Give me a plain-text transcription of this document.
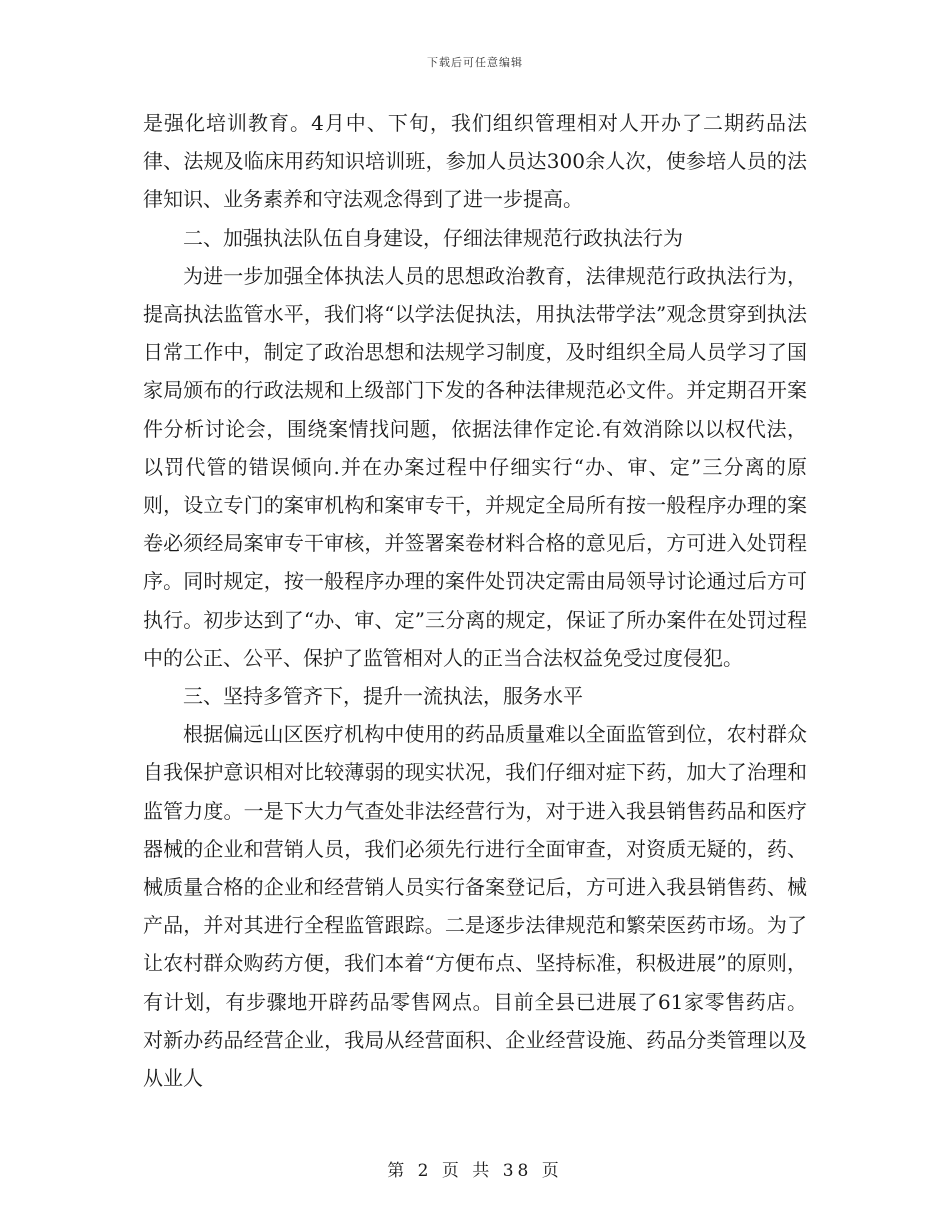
下载后可任意编辑

是强化培训教育。4月中、下旬，我们组织管理相对人开办了二期药品法律、法规及临床用药知识培训班，参加人员达300余人次，使参培人员的法律知识、业务素养和守法观念得到了进一步提高。

二、加强执法队伍自身建设，仔细法律规范行政执法行为

为进一步加强全体执法人员的思想政治教育，法律规范行政执法行为，提高执法监管水平，我们将“以学法促执法，用执法带学法”观念贯穿到执法日常工作中，制定了政治思想和法规学习制度，及时组织全局人员学习了国家局颁布的行政法规和上级部门下发的各种法律规范必文件。并定期召开案件分析讨论会，围绕案情找问题，依据法律作定论.有效消除以以权代法，以罚代管的错误倾向.并在办案过程中仔细实行“办、审、定”三分离的原则，设立专门的案审机构和案审专干，并规定全局所有按一般程序办理的案卷必须经局案审专干审核，并签署案卷材料合格的意见后，方可进入处罚程序。同时规定，按一般程序办理的案件处罚决定需由局领导讨论通过后方可执行。初步达到了“办、审、定”三分离的规定，保证了所办案件在处罚过程中的公正、公平、保护了监管相对人的正当合法权益免受过度侵犯。

三、坚持多管齐下，提升一流执法，服务水平

根据偏远山区医疗机构中使用的药品质量难以全面监管到位，农村群众自我保护意识相对比较薄弱的现实状况，我们仔细对症下药，加大了治理和监管力度。一是下大力气查处非法经营行为，对于进入我县销售药品和医疗器械的企业和营销人员，我们必须先行进行全面审查，对资质无疑的，药、械质量合格的企业和经营销人员实行备案登记后，方可进入我县销售药、械产品，并对其进行全程监管跟踪。二是逐步法律规范和繁荣医药市场。为了让农村群众购药方便，我们本着“方便布点、坚持标准，积极进展”的原则，有计划，有步骤地开辟药品零售网点。目前全县已进展了61家零售药店。对新办药品经营企业，我局从经营面积、企业经营设施、药品分类管理以及从业人

第 2 页 共 38 页
